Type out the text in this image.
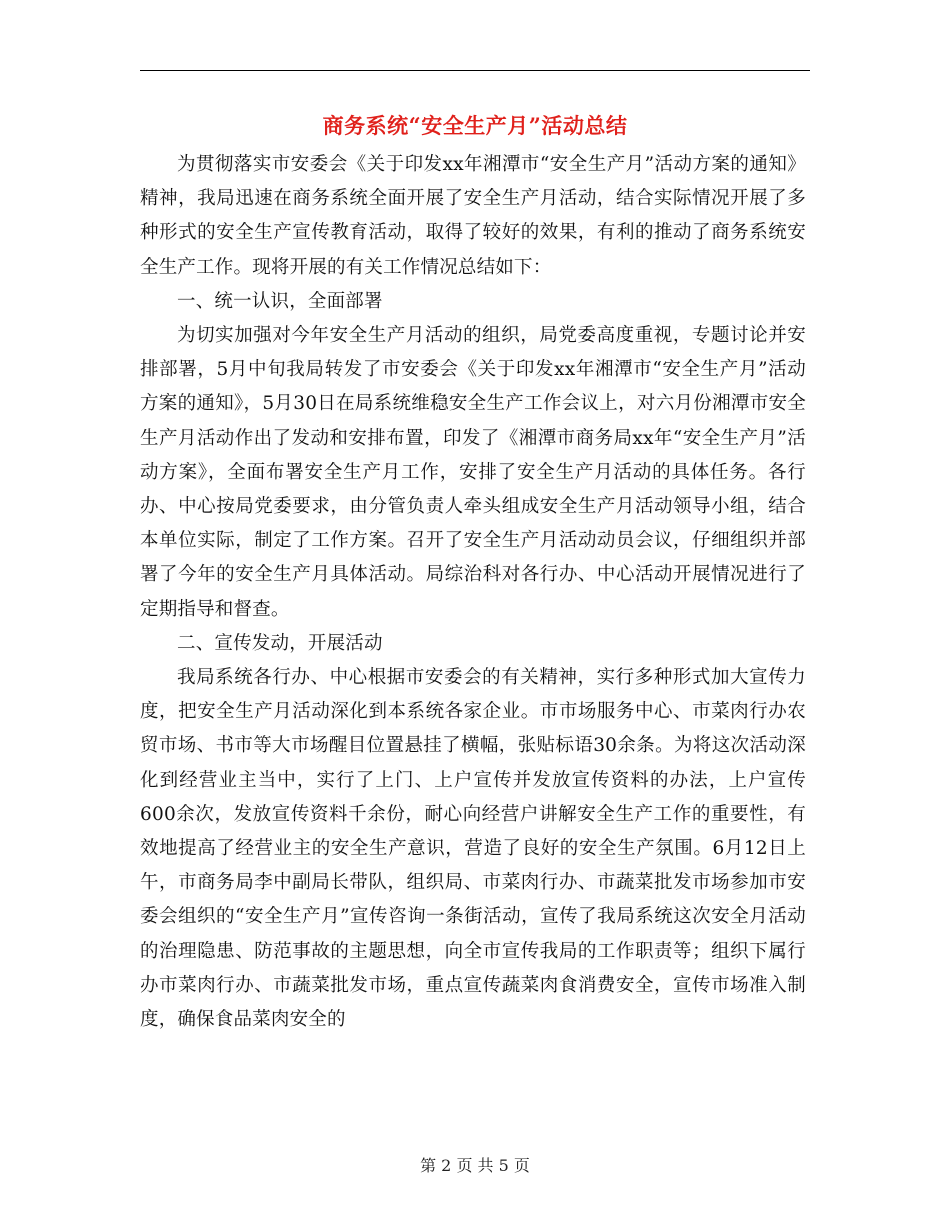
商务系统“安全生产月”活动总结

为贯彻落实市安委会《关于印发xx年湘潭市“安全生产月”活动方案的通知》精神，我局迅速在商务系统全面开展了安全生产月活动，结合实际情况开展了多种形式的安全生产宣传教育活动，取得了较好的效果，有利的推动了商务系统安全生产工作。现将开展的有关工作情况总结如下：

一、统一认识，全面部署

为切实加强对今年安全生产月活动的组织，局党委高度重视，专题讨论并安排部署，5月中旬我局转发了市安委会《关于印发xx年湘潭市“安全生产月”活动方案的通知》，5月30日在局系统维稳安全生产工作会议上，对六月份湘潭市安全生产月活动作出了发动和安排布置，印发了《湘潭市商务局xx年“安全生产月”活动方案》，全面布署安全生产月工作，安排了安全生产月活动的具体任务。各行办、中心按局党委要求，由分管负责人牵头组成安全生产月活动领导小组，结合本单位实际，制定了工作方案。召开了安全生产月活动动员会议，仔细组织并部署了今年的安全生产月具体活动。局综治科对各行办、中心活动开展情况进行了定期指导和督查。

二、宣传发动，开展活动

我局系统各行办、中心根据市安委会的有关精神，实行多种形式加大宣传力度，把安全生产月活动深化到本系统各家企业。市市场服务中心、市菜肉行办农贸市场、书市等大市场醒目位置悬挂了横幅，张贴标语30余条。为将这次活动深化到经营业主当中，实行了上门、上户宣传并发放宣传资料的办法，上户宣传600余次，发放宣传资料千余份，耐心向经营户讲解安全生产工作的重要性，有效地提高了经营业主的安全生产意识，营造了良好的安全生产氛围。6月12日上午，市商务局李中副局长带队，组织局、市菜肉行办、市蔬菜批发市场参加市安委会组织的“安全生产月”宣传咨询一条街活动，宣传了我局系统这次安全月活动的治理隐患、防范事故的主题思想，向全市宣传我局的工作职责等；组织下属行办市菜肉行办、市蔬菜批发市场，重点宣传蔬菜肉食消费安全，宣传市场准入制度，确保食品菜肉安全的

第 2 页 共 5 页
